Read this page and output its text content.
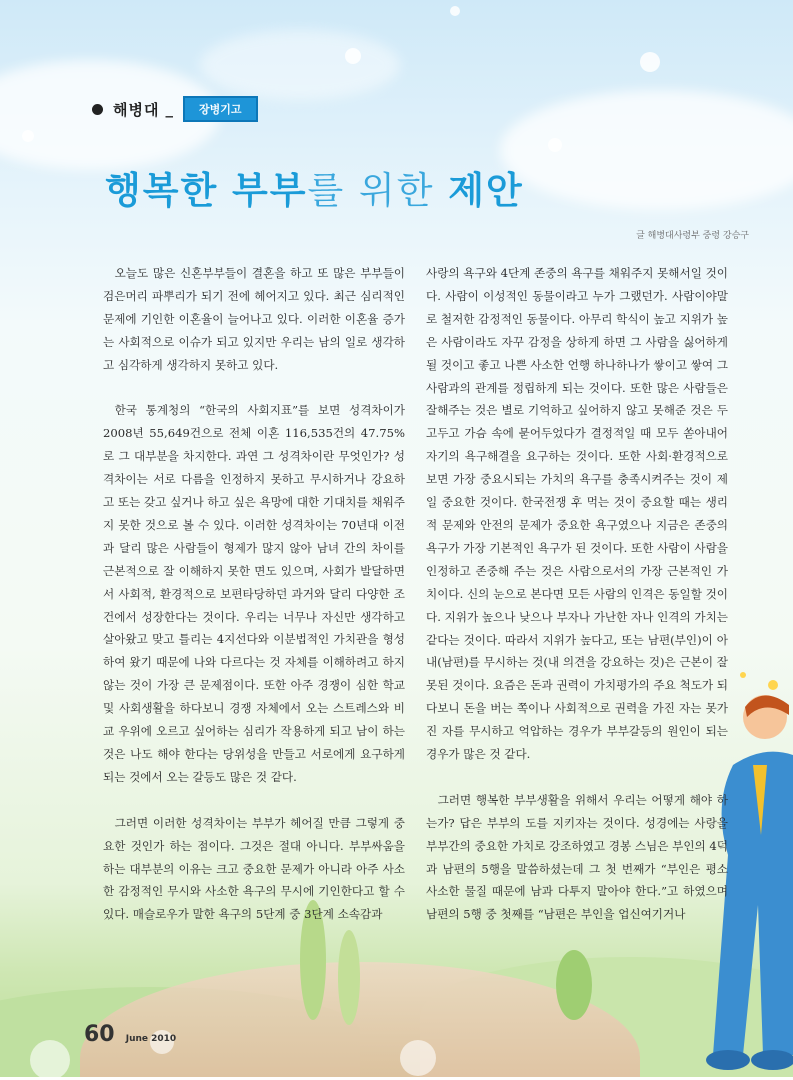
해병대 _	장병기고
행복한 부부를 위한 제안
글 해병대사령부 중령 강승구

오늘도 많은 신혼부부들이 결혼을 하고 또 많은 부부들이 검은머리 파뿌리가 되기 전에 헤어지고 있다. 최근 심리적인 문제에 기인한 이혼율이 늘어나고 있다. 이러한 이혼율 증가는 사회적으로 이슈가 되고 있지만 우리는 남의 일로 생각하고 심각하게 생각하지 못하고 있다.

한국 통계청의 “한국의 사회지표”를 보면 성격차이가 2008년 55,649건으로 전체 이혼 116,535건의 47.75%로 그 대부분을 차지한다. 과연 그 성격차이란 무엇인가? 성격차이는 서로 다름을 인정하지 못하고 무시하거나 강요하고 또는 갖고 싶거나 하고 싶은 욕망에 대한 기대치를 채워주지 못한 것으로 볼 수 있다. 이러한 성격차이는 70년대 이전과 달리 많은 사람들이 형제가 많지 않아 남녀 간의 차이를 근본적으로 잘 이해하지 못한 면도 있으며, 사회가 발달하면서 사회적, 환경적으로 보편타당하던 과거와 달리 다양한 조건에서 성장한다는 것이다. 우리는 너무나 자신만 생각하고 살아왔고 맞고 틀리는 4지선다와 이분법적인 가치관을 형성하여 왔기 때문에 나와 다르다는 것 자체를 이해하려고 하지 않는 것이 가장 큰 문제점이다. 또한 아주 경쟁이 심한 학교 및 사회생활을 하다보니 경쟁 자체에서 오는 스트레스와 비교 우위에 오르고 싶어하는 심리가 작용하게 되고 남이 하는 것은 나도 해야 한다는 당위성을 만들고 서로에게 요구하게 되는 것에서 오는 갈등도 많은 것 같다.

그러면 이러한 성격차이는 부부가 헤어질 만큼 그렇게 중요한 것인가 하는 점이다. 그것은 절대 아니다. 부부싸움을 하는 대부분의 이유는 크고 중요한 문제가 아니라 아주 사소한 감정적인 무시와 사소한 욕구의 무시에 기인한다고 할 수 있다. 매슬로우가 말한 욕구의 5단계 중 3단계 소속감과

사랑의 욕구와 4단계 존중의 욕구를 채워주지 못해서일 것이다. 사람이 이성적인 동물이라고 누가 그랬던가. 사람이야말로 철저한 감정적인 동물이다. 아무리 학식이 높고 지위가 높은 사람이라도 자꾸 감정을 상하게 하면 그 사람을 싫어하게 될 것이고 좋고 나쁜 사소한 언행 하나하나가 쌓이고 쌓여 그 사람과의 관계를 정립하게 되는 것이다. 또한 많은 사람들은 잘해주는 것은 별로 기억하고 싶어하지 않고 못해준 것은 두고두고 가슴 속에 묻어두었다가 결정적일 때 모두 쏟아내어 자기의 욕구해결을 요구하는 것이다. 또한 사회·환경적으로 보면 가장 중요시되는 가치의 욕구를 충족시켜주는 것이 제일 중요한 것이다. 한국전쟁 후 먹는 것이 중요할 때는 생리적 문제와 안전의 문제가 중요한 욕구였으나 지금은 존중의 욕구가 가장 기본적인 욕구가 된 것이다. 또한 사람이 사람을 인정하고 존중해 주는 것은 사람으로서의 가장 근본적인 가치이다. 신의 눈으로 본다면 모든 사람의 인격은 동일할 것이다. 지위가 높으나 낮으나 부자나 가난한 자나 인격의 가치는 같다는 것이다. 따라서 지위가 높다고, 또는 남편(부인)이 아내(남편)를 무시하는 것(내 의견을 강요하는 것)은 근본이 잘못된 것이다. 요즘은 돈과 권력이 가치평가의 주요 척도가 되다보니 돈을 버는 쪽이나 사회적으로 권력을 가진 자는 못가진 자를 무시하고 억압하는 경우가 부부갈등의 원인이 되는 경우가 많은 것 같다.

그러면 행복한 부부생활을 위해서 우리는 어떻게 해야 하는가? 답은 부부의 도를 지키자는 것이다. 성경에는 사랑을 부부간의 중요한 가치로 강조하였고 경봉 스님은 부인의 4덕과 남편의 5행을 말씀하셨는데 그 첫 번째가 “부인은 평소 사소한 물질 때문에 남과 다투지 말아야 한다.”고 하였으며 남편의 5행 중 첫째를 “남편은 부인을 업신여기거나

60 June 2010
